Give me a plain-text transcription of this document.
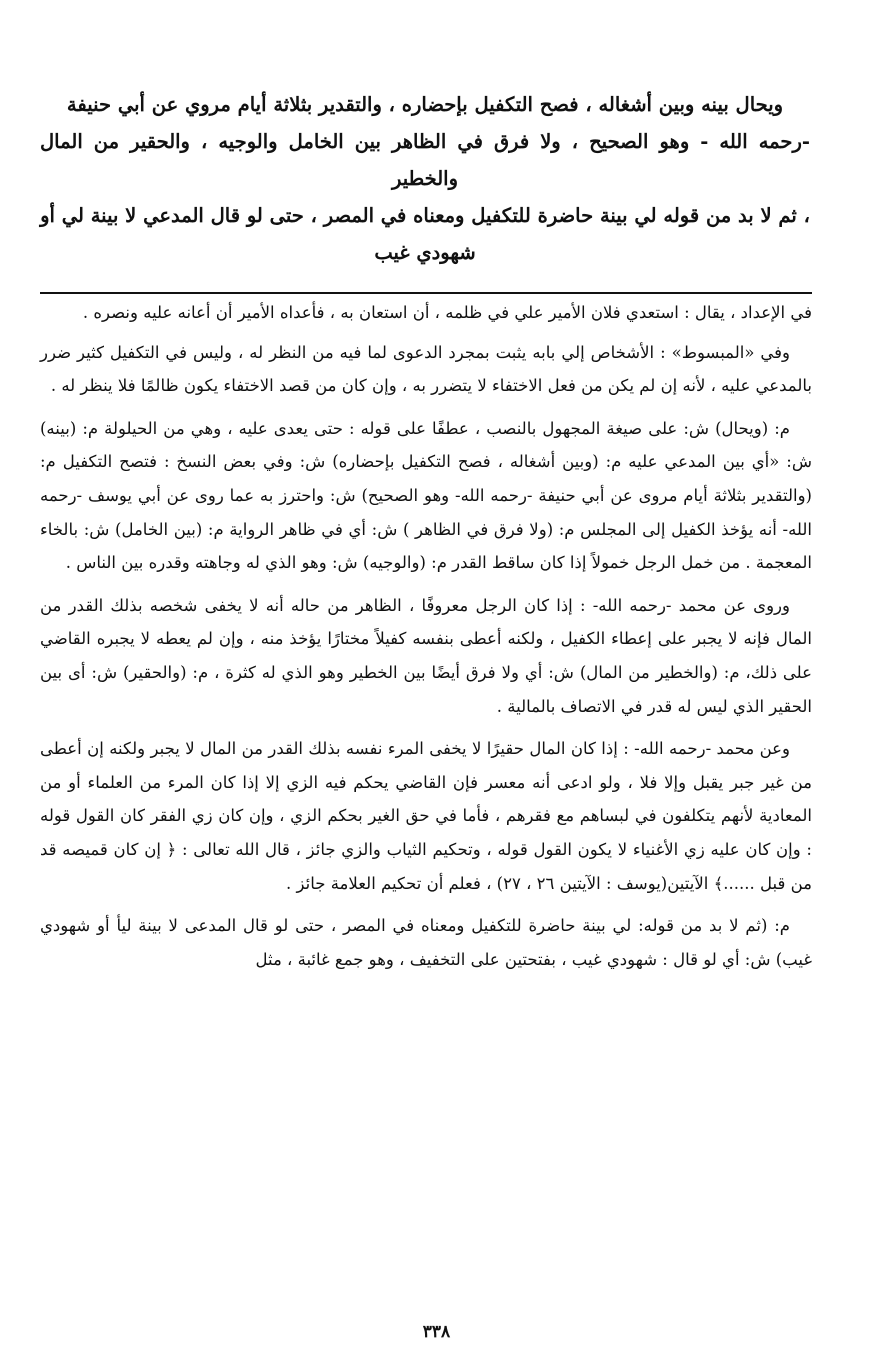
ويحال بينه وبين أشغاله ، فصح التكفيل بإحضاره ، والتقدير بثلاثة أيام مروي عن أبي حنيفة
-رحمه الله - وهو الصحيح ، ولا فرق في الظاهر بين الخامل والوجيه ، والحقير من المال والخطير
، ثم لا بد من قوله لي بينة حاضرة للتكفيل ومعناه في المصر ، حتى لو قال المدعي لا بينة لي أو
شهودي غيب

في الإعداد ، يقال : استعدي فلان الأمير علي في ظلمه ، أن استعان به ، فأعداه الأمير أن أعانه عليه ونصره .

وفي «المبسوط» : الأشخاص إلي بابه يثبت بمجرد الدعوى لما فيه من النظر له ، وليس في التكفيل كثير ضرر بالمدعي عليه ، لأنه إن لم يكن من فعل الاختفاء لا يتضرر به ، وإن كان من قصد الاختفاء يكون ظالمًا فلا ينظر له .

م: (ويحال) ش: على صيغة المجهول بالنصب ، عطفًا على قوله : حتى يعدى عليه ، وهي من الحيلولة م: (بينه) ش: «أي بين المدعي عليه م: (وبين أشغاله ، فصح التكفيل بإحضاره) ش: وفي بعض النسخ : فتصح التكفيل م: (والتقدير بثلاثة أيام مروى عن أبي حنيفة -رحمه الله- وهو الصحيح) ش: واحترز به عما روى عن أبي يوسف -رحمه الله- أنه يؤخذ الكفيل إلى المجلس م: (ولا فرق في الظاهر ) ش: أي في ظاهر الرواية م: (بين الخامل) ش: بالخاء المعجمة . من خمل الرجل خمولاً إذا كان ساقط القدر م: (والوجيه) ش: وهو الذي له وجاهته وقدره بين الناس .

وروى عن محمد -رحمه الله- : إذا كان الرجل معروفًا ، الظاهر من حاله أنه لا يخفى شخصه بذلك القدر من المال فإنه لا يجبر على إعطاء الكفيل ، ولكنه أعطى بنفسه كفيلاً مختارًا يؤخذ منه ، وإن لم يعطه لا يجبره القاضي على ذلك، م: (والخطير من المال) ش: أي ولا فرق أيضًا بين الخطير وهو الذي له كثرة ، م: (والحقير) ش: أى بين الحقير الذي ليس له قدر في الاتصاف بالمالية .

وعن محمد -رحمه الله- : إذا كان المال حقيرًا لا يخفى المرء نفسه بذلك القدر من المال لا يجبر ولكنه إن أعطى من غير جبر يقبل وإلا فلا ، ولو ادعى أنه معسر فإن القاضي يحكم فيه الزي إلا إذا كان المرء من العلماء أو من المعادية لأنهم يتكلفون في لبساهم مع فقرهم ، فأما في حق الغير بحكم الزي ، وإن كان زي الفقر كان القول قوله : وإن كان عليه زي الأغنياء لا يكون القول قوله ، وتحكيم الثياب والزي جائز ، قال الله تعالى : ﴿ إن كان قميصه قد من قبل ......﴾ الآيتين(يوسف : الآيتين ٢٦ ، ٢٧) ، فعلم أن تحكيم العلامة جائز .

م: (ثم لا بد من قوله: لي بينة حاضرة للتكفيل ومعناه في المصر ، حتى لو قال المدعى لا بينة ليأ أو شهودي غيب) ش: أي لو قال : شهودي غيب ، بفتحتين على التخفيف ، وهو جمع غائبة ، مثل

٣٣٨
